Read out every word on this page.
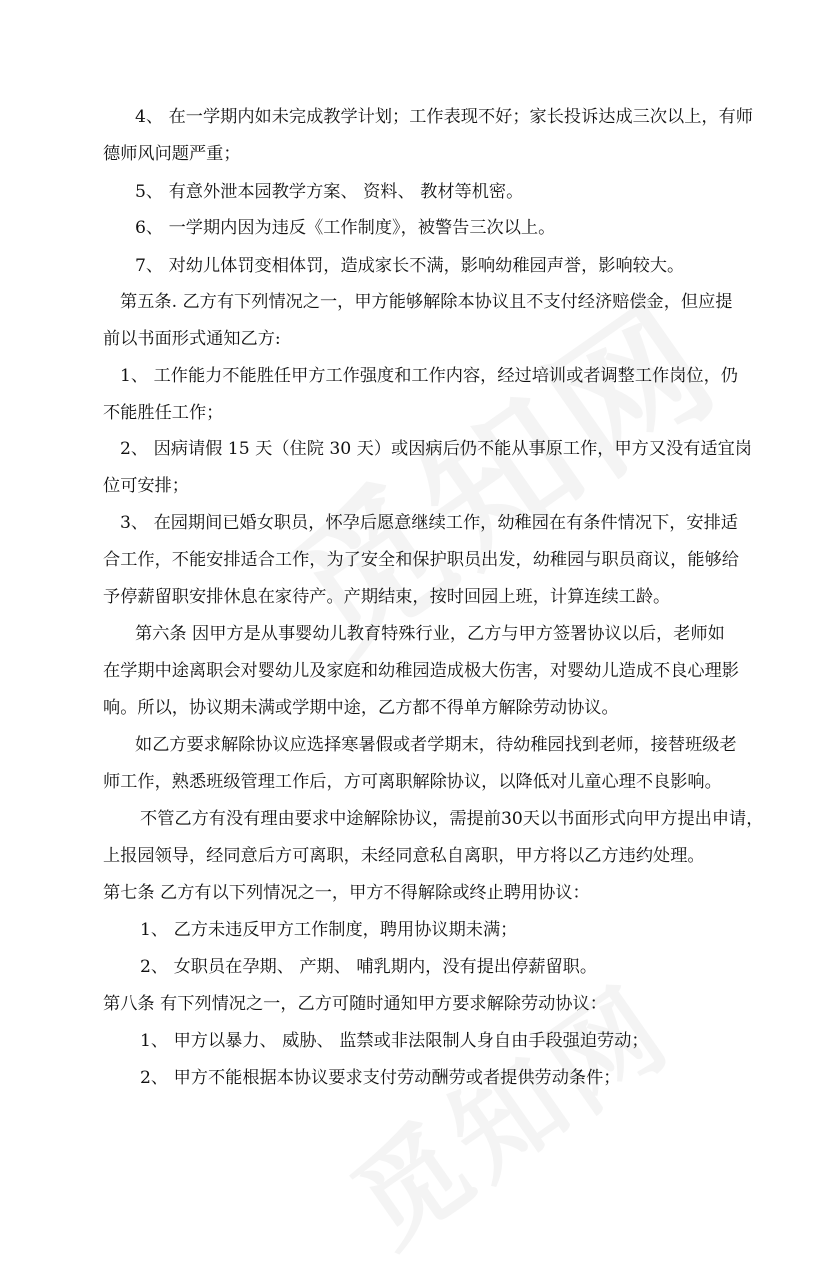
4、 在一学期内如未完成教学计划；工作表现不好；家长投诉达成三次以上，有师
德师风问题严重；
5、 有意外泄本园教学方案、 资料、 教材等机密。
6、 一学期内因为违反《工作制度》，被警告三次以上。
7、 对幼儿体罚变相体罚，造成家长不满，影响幼稚园声誉，影响较大。
第五条. 乙方有下列情况之一，甲方能够解除本协议且不支付经济赔偿金，但应提
前以书面形式通知乙方:
1、 工作能力不能胜任甲方工作强度和工作内容，经过培训或者调整工作岗位，仍
不能胜任工作；
2、 因病请假 15 天（住院 30 天）或因病后仍不能从事原工作，甲方又没有适宜岗
位可安排；
3、 在园期间已婚女职员，怀孕后愿意继续工作，幼稚园在有条件情况下，安排适
合工作，不能安排适合工作，为了安全和保护职员出发，幼稚园与职员商议，能够给
予停薪留职安排休息在家待产。产期结束，按时回园上班，计算连续工龄。
第六条 因甲方是从事婴幼儿教育特殊行业，乙方与甲方签署协议以后，老师如
在学期中途离职会对婴幼儿及家庭和幼稚园造成极大伤害，对婴幼儿造成不良心理影
响。所以，协议期未满或学期中途，乙方都不得单方解除劳动协议。
如乙方要求解除协议应选择寒暑假或者学期末，待幼稚园找到老师，接替班级老
师工作，熟悉班级管理工作后，方可离职解除协议，以降低对儿童心理不良影响。
不管乙方有没有理由要求中途解除协议，需提前30天以书面形式向甲方提出申请，
上报园领导，经同意后方可离职，未经同意私自离职，甲方将以乙方违约处理。
第七条 乙方有以下列情况之一，甲方不得解除或终止聘用协议：
1、 乙方未违反甲方工作制度，聘用协议期未满；
2、 女职员在孕期、 产期、 哺乳期内，没有提出停薪留职。
第八条 有下列情况之一，乙方可随时通知甲方要求解除劳动协议：
1、 甲方以暴力、 威胁、 监禁或非法限制人身自由手段强迫劳动；
2、 甲方不能根据本协议要求支付劳动酬劳或者提供劳动条件；
